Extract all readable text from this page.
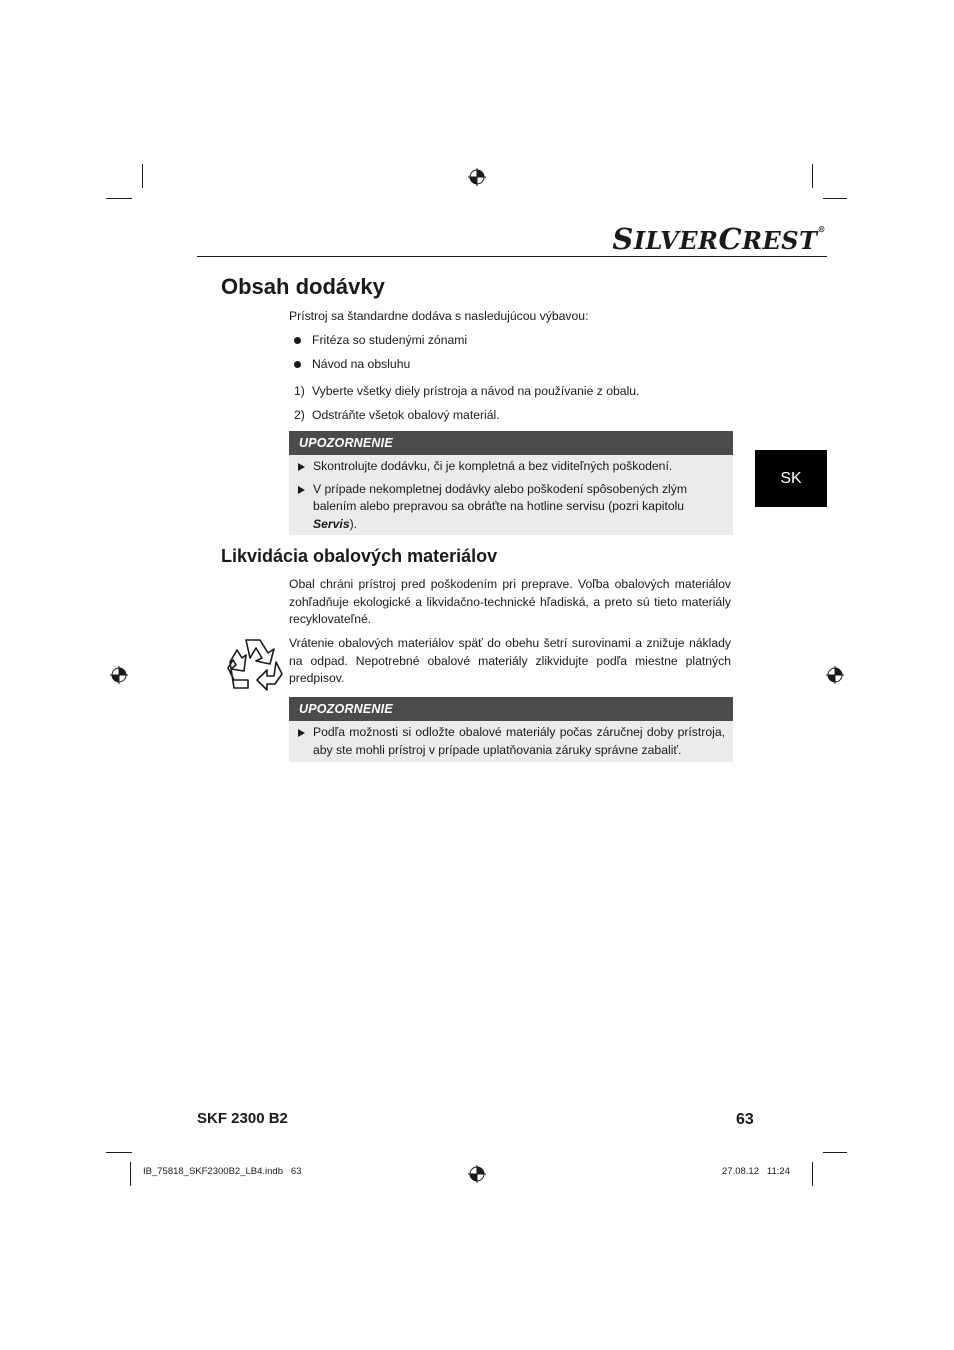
SILVERCREST®
Obsah dodávky
Prístroj sa štandardne dodáva s nasledujúcou výbavou:
Fritéza so studenými zónami
Návod na obsluhu
1) Vyberte všetky diely prístroja a návod na používanie z obalu.
2) Odstráňte všetok obalový materiál.
UPOZORNENIE
Skontrolujte dodávku, či je kompletná a bez viditeľných poškodení.
V prípade nekompletnej dodávky alebo poškodení spôsobených zlým balením alebo prepravou sa obráťte na hotline servisu (pozri kapitolu Servis).
SK
Likvidácia obalových materiálov
Obal chráni prístroj pred poškodením pri preprave. Voľba obalových materiálov zohľadňuje ekologické a likvidačno-technické hľadiská, a preto sú tieto materiály recyklovateľné.
Vrátenie obalových materiálov späť do obehu šetrí surovinami a znižuje náklady na odpad. Nepotrebné obalové materiály zlikvidujte podľa miestne platných predpisov.
UPOZORNENIE
Podľa možnosti si odložte obalové materiály počas záručnej doby prístroja, aby ste mohli prístroj v prípade uplatňovania záruky správne zabaliť.
SKF 2300 B2	63
IB_75818_SKF2300B2_LB4.indb   63	27.08.12   11:24
